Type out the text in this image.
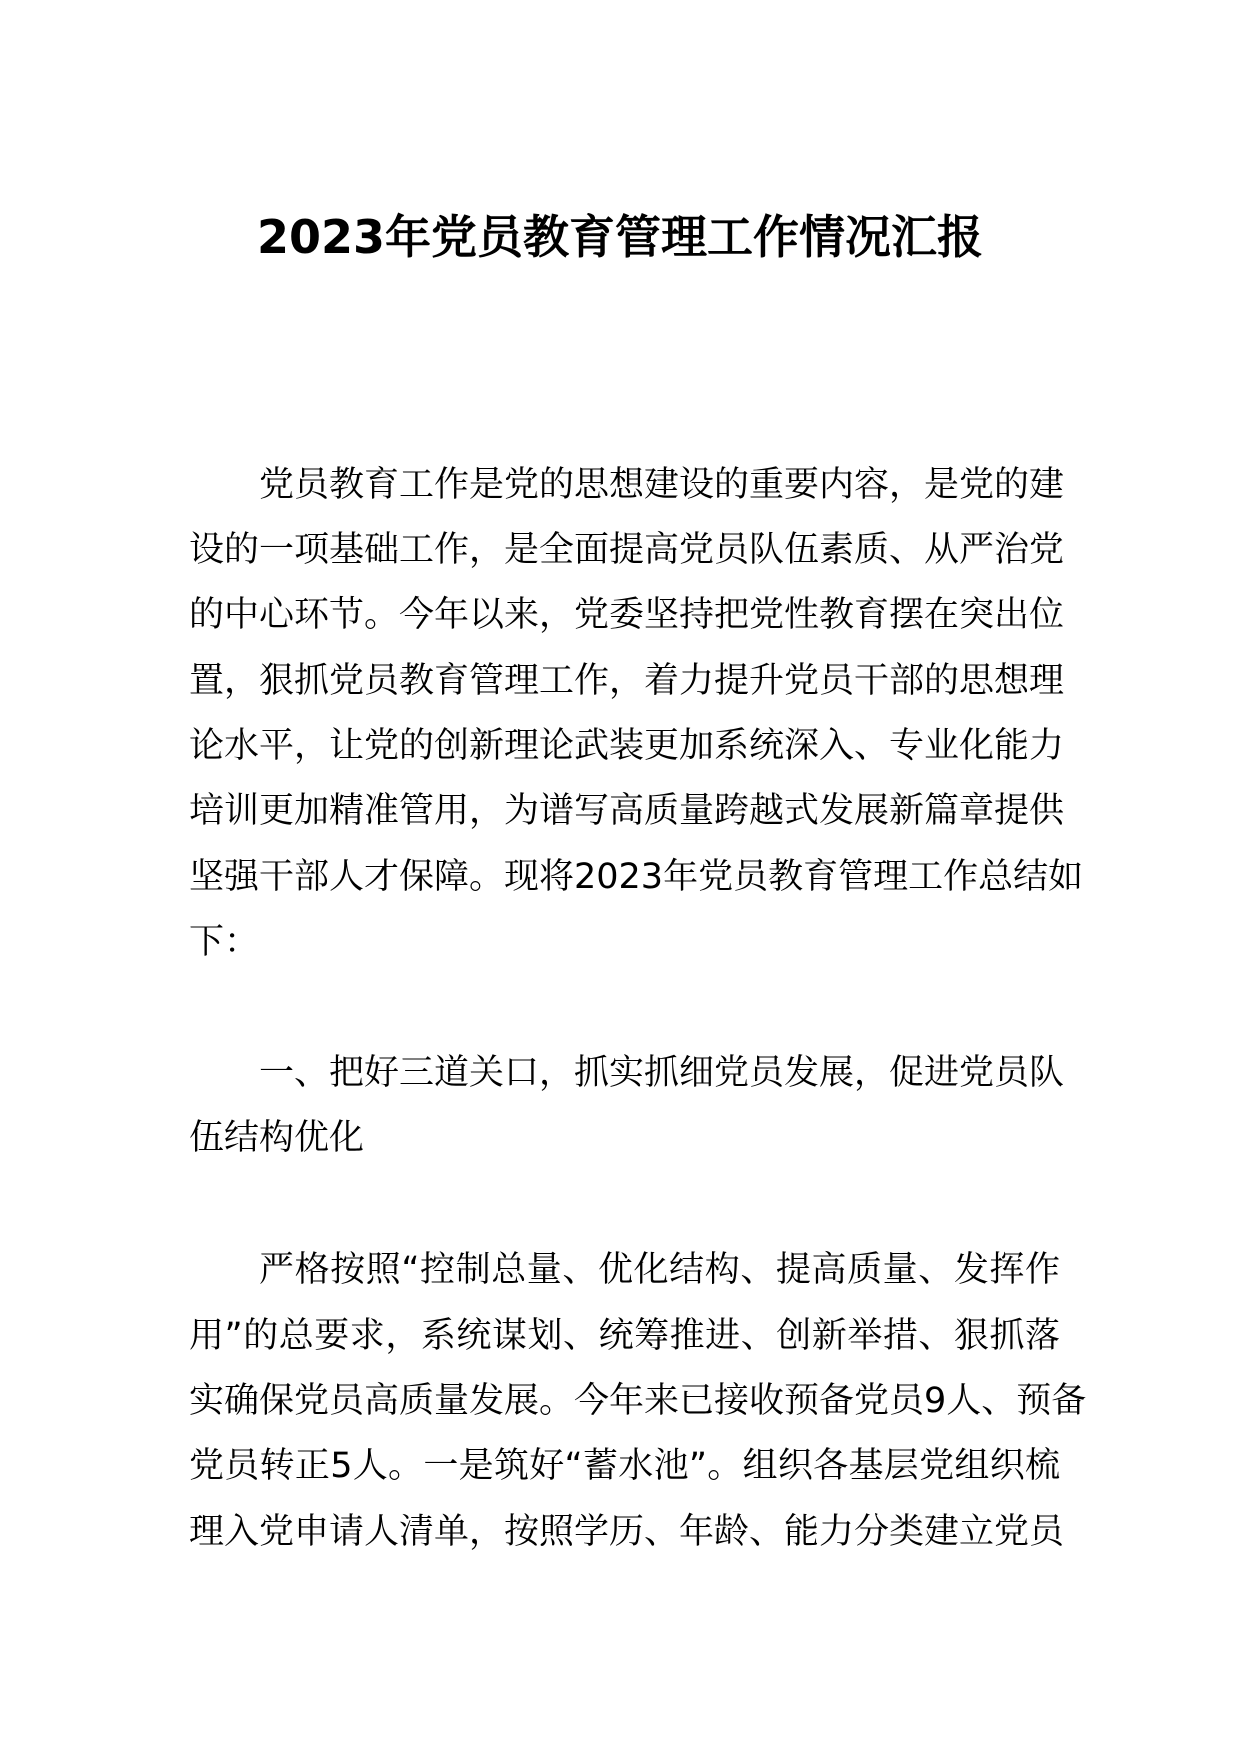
2023年党员教育管理工作情况汇报
党员教育工作是党的思想建设的重要内容，是党的建
设的一项基础工作，是全面提高党员队伍素质、从严治党
的中心环节。今年以来，党委坚持把党性教育摆在突出位
置，狠抓党员教育管理工作，着力提升党员干部的思想理
论水平，让党的创新理论武装更加系统深入、专业化能力
培训更加精准管用，为谱写高质量跨越式发展新篇章提供
坚强干部人才保障。现将2023年党员教育管理工作总结如
下：
一、把好三道关口，抓实抓细党员发展，促进党员队
伍结构优化
严格按照“控制总量、优化结构、提高质量、发挥作
用”的总要求，系统谋划、统筹推进、创新举措、狠抓落
实确保党员高质量发展。今年来已接收预备党员9人、预备
党员转正5人。一是筑好“蓄水池”。组织各基层党组织梳
理入党申请人清单，按照学历、年龄、能力分类建立党员
